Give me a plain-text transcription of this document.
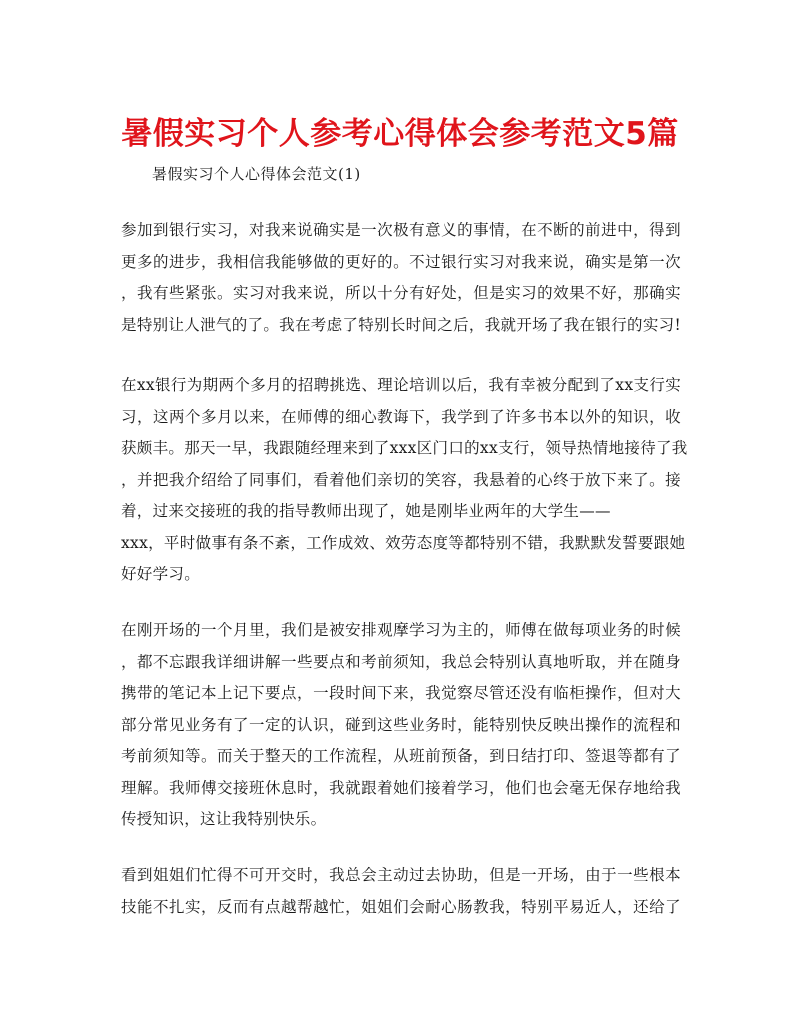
暑假实习个人参考心得体会参考范文5篇

暑假实习个人心得体会范文(1)

参加到银行实习，对我来说确实是一次极有意义的事情，在不断的前进中，得到
更多的进步，我相信我能够做的更好的。不过银行实习对我来说，确实是第一次
，我有些紧张。实习对我来说，所以十分有好处，但是实习的效果不好，那确实
是特别让人泄气的了。我在考虑了特别长时间之后，我就开场了我在银行的实习!
在xx银行为期两个多月的招聘挑选、理论培训以后，我有幸被分配到了xx支行实
习，这两个多月以来，在师傅的细心教诲下，我学到了许多书本以外的知识，收
获颇丰。那天一早，我跟随经理来到了xxx区门口的xx支行，领导热情地接待了我
，并把我介绍给了同事们，看着他们亲切的笑容，我悬着的心终于放下来了。接
着，过来交接班的我的指导教师出现了，她是刚毕业两年的大学生——
xxx，平时做事有条不紊，工作成效、效劳态度等都特别不错，我默默发誓要跟她
好好学习。
在刚开场的一个月里，我们是被安排观摩学习为主的，师傅在做每项业务的时候
，都不忘跟我详细讲解一些要点和考前须知，我总会特别认真地听取，并在随身
携带的笔记本上记下要点，一段时间下来，我觉察尽管还没有临柜操作，但对大
部分常见业务有了一定的认识，碰到这些业务时，能特别快反映出操作的流程和
考前须知等。而关于整天的工作流程，从班前预备，到日结打印、签退等都有了
理解。我师傅交接班休息时，我就跟着她们接着学习，他们也会毫无保存地给我
传授知识，这让我特别快乐。
看到姐姐们忙得不可开交时，我总会主动过去协助，但是一开场，由于一些根本
技能不扎实，反而有点越帮越忙，姐姐们会耐心肠教我，特别平易近人，还给了
